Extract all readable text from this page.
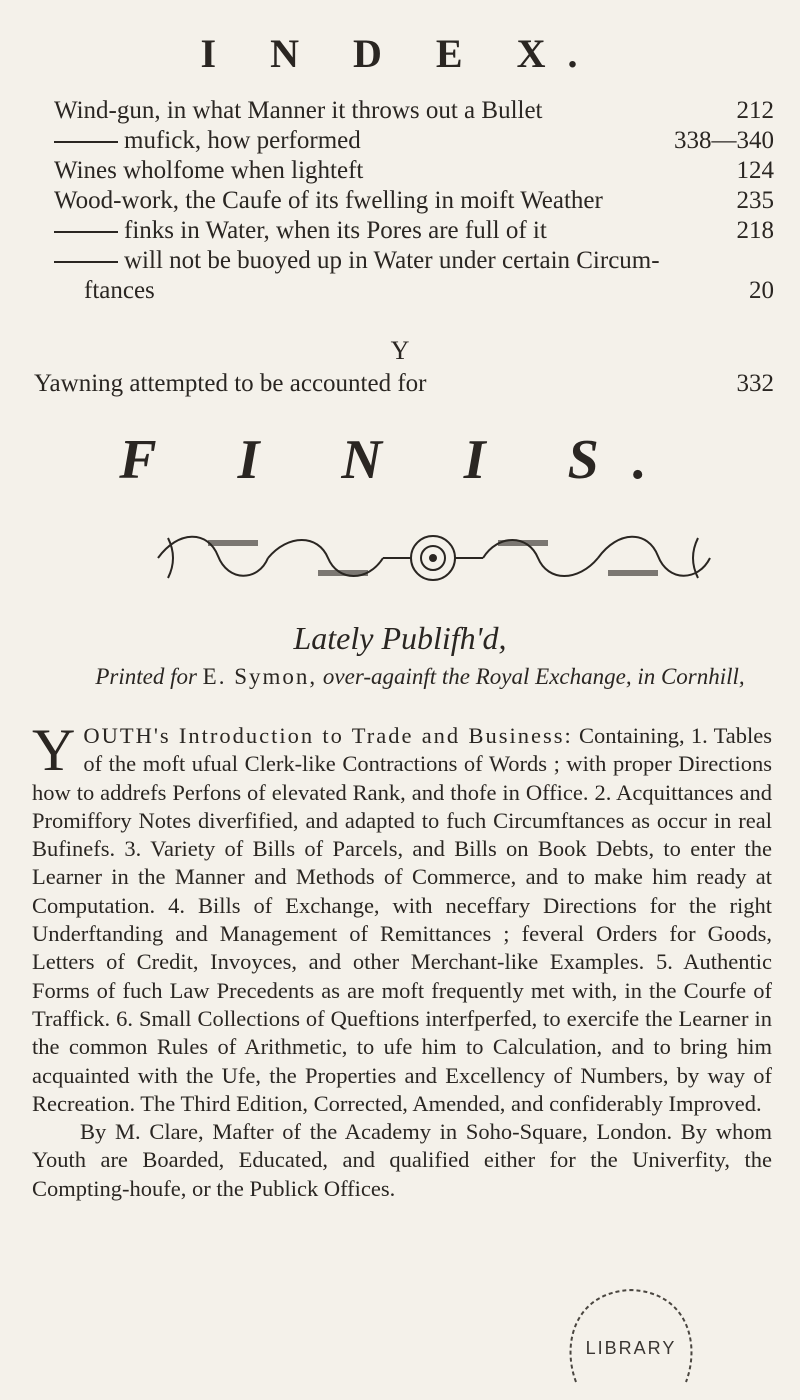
I N D E X.
Wind-gun, in what Manner it throws out a Bullet	212
mufick, how performed	338—340
Wines wholfome when lighteft	124
Wood-work, the Caufe of its fwelling in moift Weather	235
finks in Water, when its Pores are full of it	218
will not be buoyed up in Water under certain Circum-
ftances	20
Y
Yawning attempted to be accounted for	332
F I N I S.
Lately Publifh'd,
Printed for E. Symon, over-againft the Royal Exchange, in Cornhill,

Y OUTH's Introduction to Trade and Business: Containing, 1. Tables of the moft ufual Clerk-like Contractions of Words ; with proper Directions how to addrefs Perfons of elevated Rank, and thofe in Office. 2. Acquittances and Promiffory Notes diverfified, and adapted to fuch Circumftances as occur in real Bufinefs. 3. Variety of Bills of Parcels, and Bills on Book Debts, to enter the Learner in the Manner and Methods of Commerce, and to make him ready at Computation. 4. Bills of Exchange, with neceffary Directions for the right Underftanding and Management of Remittances ; feveral Orders for Goods, Letters of Credit, Invoyces, and other Merchant-like Examples. 5. Authentic Forms of fuch Law Precedents as are moft frequently met with, in the Courfe of Traffick. 6. Small Collections of Queftions interfperfed, to exercife the Learner in the common Rules of Arithmetic, to ufe him to Calculation, and to bring him acquainted with the Ufe, the Properties and Excellency of Numbers, by way of Recreation. The Third Edition, Corrected, Amended, and confiderably Improved.

By M. Clare, Mafter of the Academy in Soho-Square, London. By whom Youth are Boarded, Educated, and qualified either for the Univerfity, the Compting-houfe, or the Publick Offices.

LIBRARY
